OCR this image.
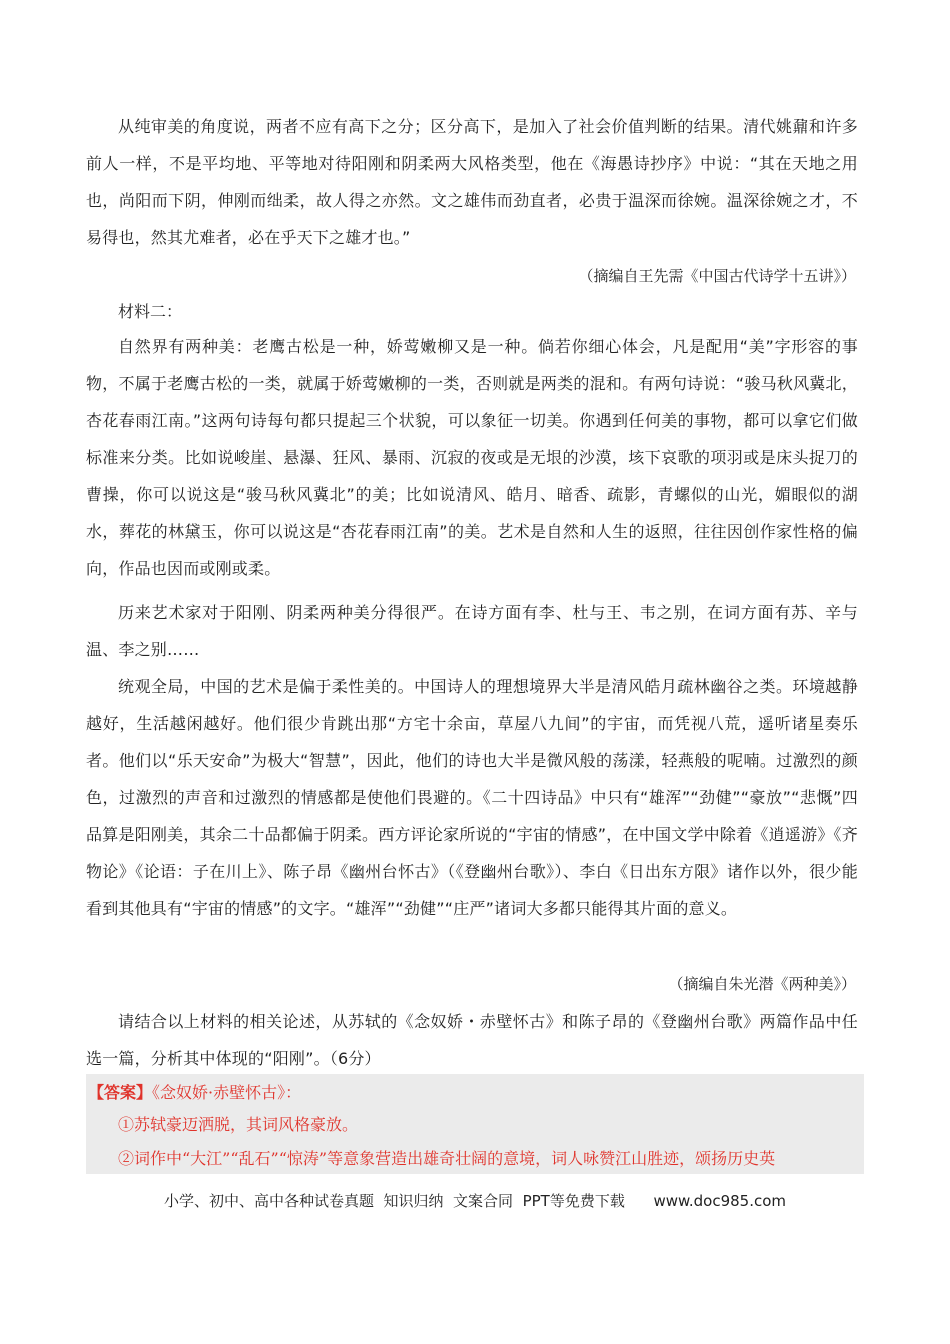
从纯审美的角度说，两者不应有高下之分；区分高下，是加入了社会价值判断的结果。清代姚鼐和许多前人一样，不是平均地、平等地对待阳刚和阴柔两大风格类型，他在《海愚诗抄序》中说：“其在天地之用也，尚阳而下阴，伸刚而绌柔，故人得之亦然。文之雄伟而劲直者，必贵于温深而徐婉。温深徐婉之才，不易得也，然其尤难者，必在乎天下之雄才也。”

（摘编自王先需《中国古代诗学十五讲》）

材料二：

自然界有两种美：老鹰古松是一种，娇莺嫩柳又是一种。倘若你细心体会，凡是配用“美”字形容的事物，不属于老鹰古松的一类，就属于娇莺嫩柳的一类，否则就是两类的混和。有两句诗说：“骏马秋风冀北，杏花春雨江南。”这两句诗每句都只提起三个状貌，可以象征一切美。你遇到任何美的事物，都可以拿它们做标准来分类。比如说峻崖、悬瀑、狂风、暴雨、沉寂的夜或是无垠的沙漠，垓下哀歌的项羽或是床头捉刀的曹操，你可以说这是“骏马秋风冀北”的美；比如说清风、皓月、暗香、疏影，青螺似的山光，媚眼似的湖水，葬花的林黛玉，你可以说这是“杏花春雨江南”的美。艺术是自然和人生的返照，往往因创作家性格的偏向，作品也因而或刚或柔。

历来艺术家对于阳刚、阴柔两种美分得很严。在诗方面有李、杜与王、韦之别，在词方面有苏、辛与温、李之别……

统观全局，中国的艺术是偏于柔性美的。中国诗人的理想境界大半是清风皓月疏林幽谷之类。环境越静越好，生活越闲越好。他们很少肯跳出那“方宅十余亩，草屋八九间”的宇宙，而凭视八荒，遥听诸星奏乐者。他们以“乐天安命”为极大“智慧”，因此，他们的诗也大半是微风般的荡漾，轻燕般的呢喃。过激烈的颜色，过激烈的声音和过激烈的情感都是使他们畏避的。《二十四诗品》中只有“雄浑”“劲健”“豪放”“悲慨”四品算是阳刚美，其余二十品都偏于阴柔。西方评论家所说的“宇宙的情感”，在中国文学中除着《逍遥游》《齐物论》《论语：子在川上》、陈子昂《幽州台怀古》（《登幽州台歌》）、李白《日出东方限》诸作以外，很少能看到其他具有“宇宙的情感”的文字。“雄浑”“劲健”“庄严”诸词大多都只能得其片面的意义。

（摘编自朱光潜《两种美》）

请结合以上材料的相关论述，从苏轼的《念奴娇・赤壁怀古》和陈子昂的《登幽州台歌》两篇作品中任选一篇，分析其中体现的“阳刚”。（6分）

【答案】《念奴娇·赤壁怀古》：

①苏轼豪迈洒脱，其词风格豪放。

②词作中“大江”“乱石”“惊涛”等意象营造出雄奇壮阔的意境，词人咏赞江山胜迹，颂扬历史英

小学、初中、高中各种试卷真题  知识归纳  文案合同  PPT等免费下载      www.doc985.com
